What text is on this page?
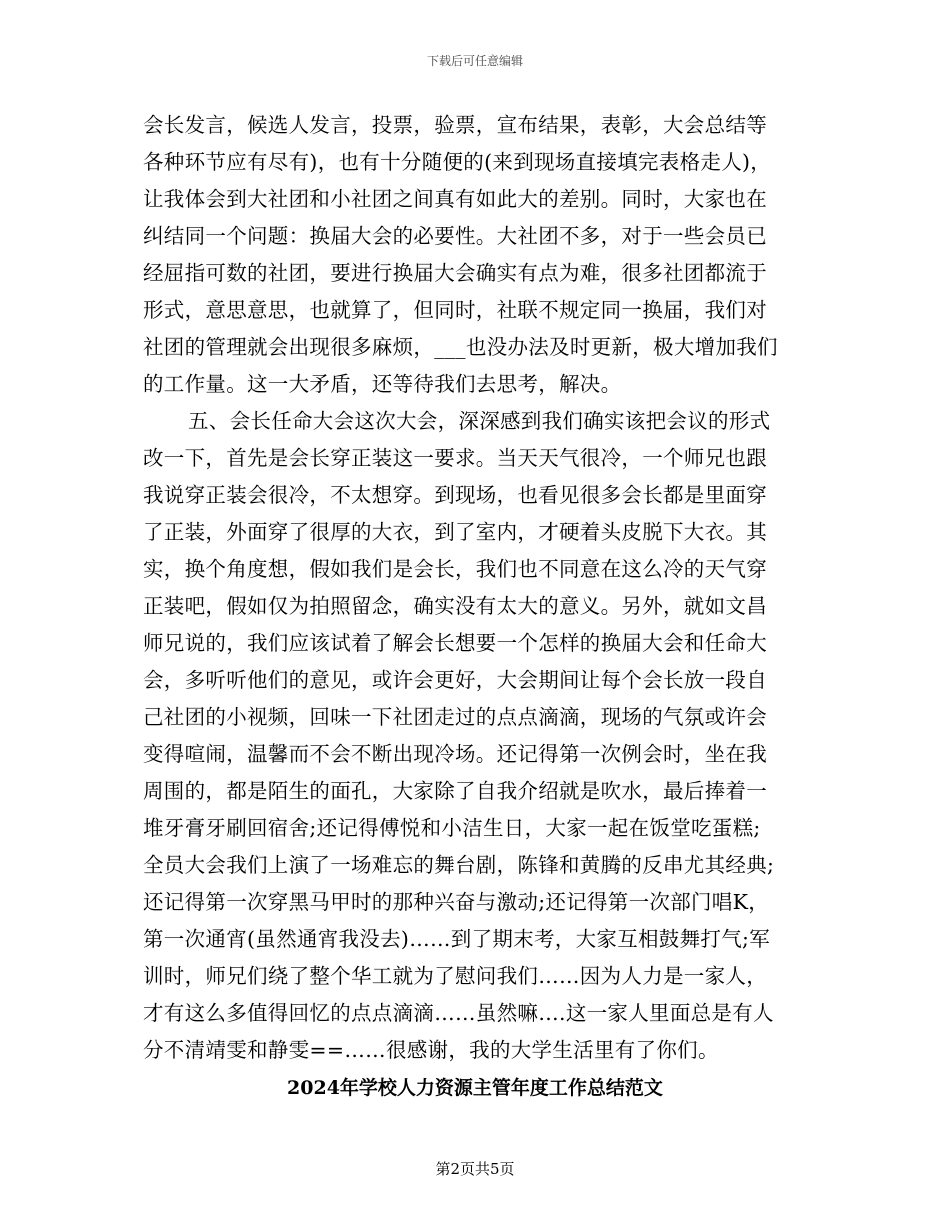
下载后可任意编辑
会长发言，候选人发言，投票，验票，宣布结果，表彰，大会总结等
各种环节应有尽有)，也有十分随便的(来到现场直接填完表格走人)，
让我体会到大社团和小社团之间真有如此大的差别。同时，大家也在
纠结同一个问题：换届大会的必要性。大社团不多，对于一些会员已
经屈指可数的社团，要进行换届大会确实有点为难，很多社团都流于
形式，意思意思，也就算了，但同时，社联不规定同一换届，我们对
社团的管理就会出现很多麻烦，___也没办法及时更新，极大增加我们
的工作量。这一大矛盾，还等待我们去思考，解决。
五、会长任命大会这次大会，深深感到我们确实该把会议的形式
改一下，首先是会长穿正装这一要求。当天天气很冷，一个师兄也跟
我说穿正装会很冷，不太想穿。到现场，也看见很多会长都是里面穿
了正装，外面穿了很厚的大衣，到了室内，才硬着头皮脱下大衣。其
实，换个角度想，假如我们是会长，我们也不同意在这么冷的天气穿
正装吧，假如仅为拍照留念，确实没有太大的意义。另外，就如文昌
师兄说的，我们应该试着了解会长想要一个怎样的换届大会和任命大
会，多听听他们的意见，或许会更好，大会期间让每个会长放一段自
己社团的小视频，回味一下社团走过的点点滴滴，现场的气氛或许会
变得喧闹，温馨而不会不断出现冷场。还记得第一次例会时，坐在我
周围的，都是陌生的面孔，大家除了自我介绍就是吹水，最后捧着一
堆牙膏牙刷回宿舍;还记得傅悦和小洁生日，大家一起在饭堂吃蛋糕;
全员大会我们上演了一场难忘的舞台剧，陈锋和黄腾的反串尤其经典;
还记得第一次穿黑马甲时的那种兴奋与激动;还记得第一次部门唱K，
第一次通宵(虽然通宵我没去)……到了期末考，大家互相鼓舞打气;军
训时，师兄们绕了整个华工就为了慰问我们……因为人力是一家人，
才有这么多值得回忆的点点滴滴……虽然嘛….这一家人里面总是有人
分不清靖雯和静雯==……很感谢，我的大学生活里有了你们。
2024年学校人力资源主管年度工作总结范文
第2页共5页
